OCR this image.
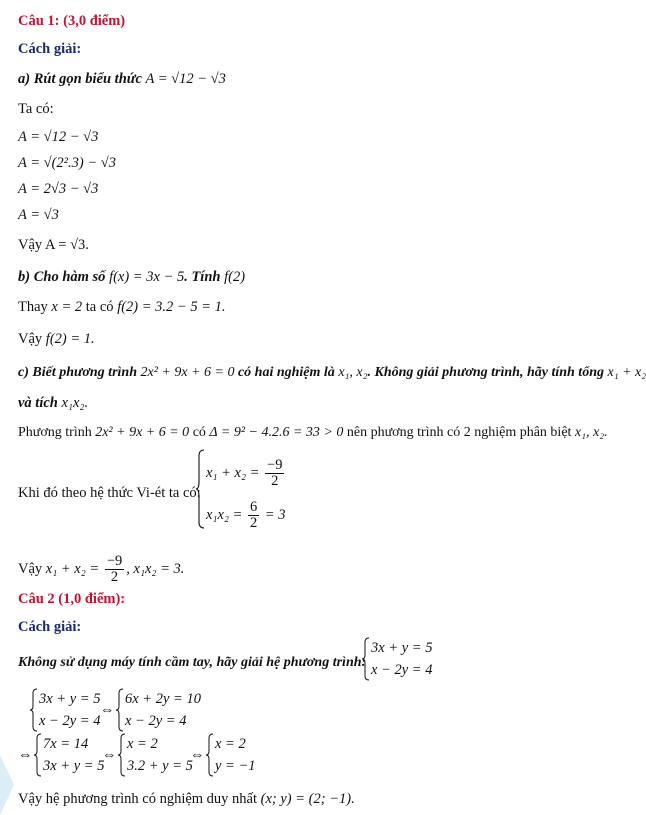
Câu 1: (3,0 điểm)
Cách giải:
a) Rút gọn biểu thức A = √12 − √3
Ta có:
A = √12 − √3
A = √(2².3) − √3
A = 2√3 − √3
A = √3
Vậy A = √3.
b) Cho hàm số f(x) = 3x − 5. Tính f(2)
Thay x = 2 ta có f(2) = 3.2 − 5 = 1.
Vậy f(2) = 1.
c) Biết phương trình 2x² + 9x + 6 = 0 có hai nghiệm là x₁, x₂. Không giải phương trình, hãy tính tổng x₁ + x₂
và tích x₁x₂.
Phương trình 2x² + 9x + 6 = 0 có Δ = 9² − 4.2.6 = 33 > 0 nên phương trình có 2 nghiệm phân biệt x₁, x₂.
Khi đó theo hệ thức Vi-ét ta có:
$x_1 + x_2 = \frac{-9}{2}$
$x_1x_2 = \frac{6}{2} = 3$
Vậy $x_1 + x_2 = \frac{-9}{2}$ , x₁x₂ = 3.
Câu 2 (1,0 điểm):
Cách giải:
Không sử dụng máy tính cầm tay, hãy giải hệ phương trình:
3x + y = 5
x − 2y = 4
3x + y = 5
x − 2y = 4
⇔
6x + 2y = 10
x − 2y = 4
⇔
7x = 14
3x + y = 5
⇔
x = 2
3.2 + y = 5
⇔
x = 2
y = −1
Vậy hệ phương trình có nghiệm duy nhất (x; y) = (2; −1).
